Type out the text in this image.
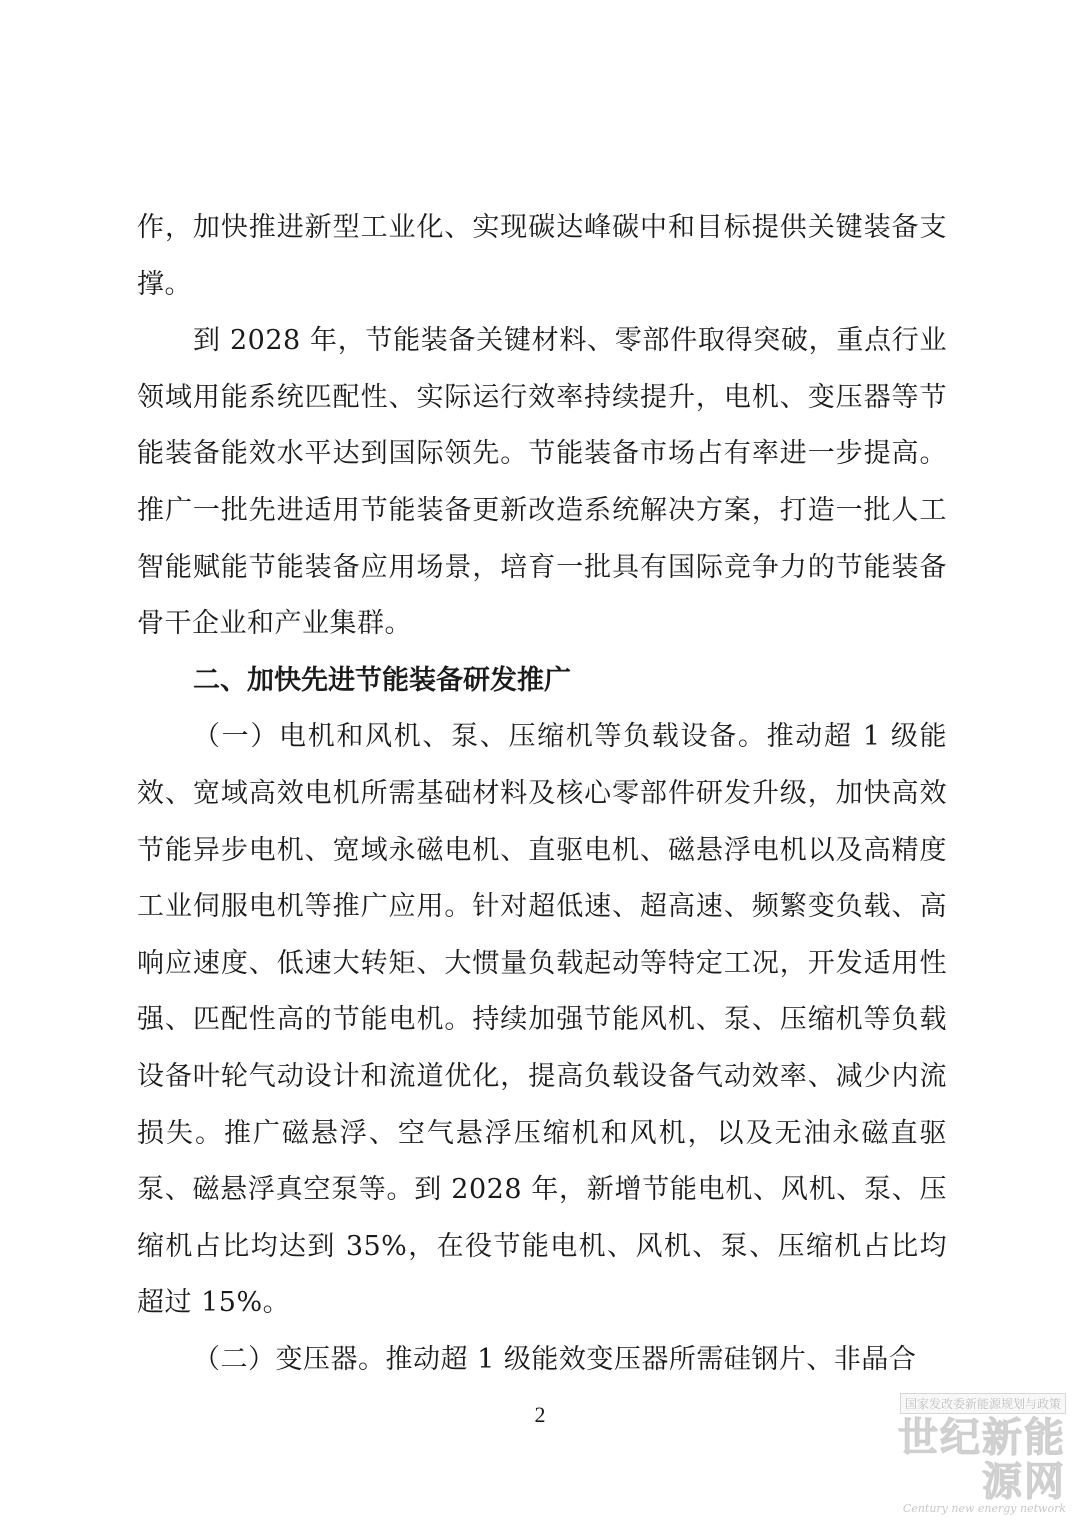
作，加快推进新型工业化、实现碳达峰碳中和目标提供关键装备支撑。

到 2028 年，节能装备关键材料、零部件取得突破，重点行业领域用能系统匹配性、实际运行效率持续提升，电机、变压器等节能装备能效水平达到国际领先。节能装备市场占有率进一步提高。推广一批先进适用节能装备更新改造系统解决方案，打造一批人工智能赋能节能装备应用场景，培育一批具有国际竞争力的节能装备骨干企业和产业集群。

二、加快先进节能装备研发推广

（一）电机和风机、泵、压缩机等负载设备。推动超 1 级能效、宽域高效电机所需基础材料及核心零部件研发升级，加快高效节能异步电机、宽域永磁电机、直驱电机、磁悬浮电机以及高精度工业伺服电机等推广应用。针对超低速、超高速、频繁变负载、高响应速度、低速大转矩、大惯量负载起动等特定工况，开发适用性强、匹配性高的节能电机。持续加强节能风机、泵、压缩机等负载设备叶轮气动设计和流道优化，提高负载设备气动效率、减少内流损失。推广磁悬浮、空气悬浮压缩机和风机，以及无油永磁直驱泵、磁悬浮真空泵等。到 2028 年，新增节能电机、风机、泵、压缩机占比均达到 35%，在役节能电机、风机、泵、压缩机占比均超过 15%。

（二）变压器。推动超 1 级能效变压器所需硅钢片、非晶合

2	国家发改委新能源规划与政策
世纪新能源网
Century new energy network
